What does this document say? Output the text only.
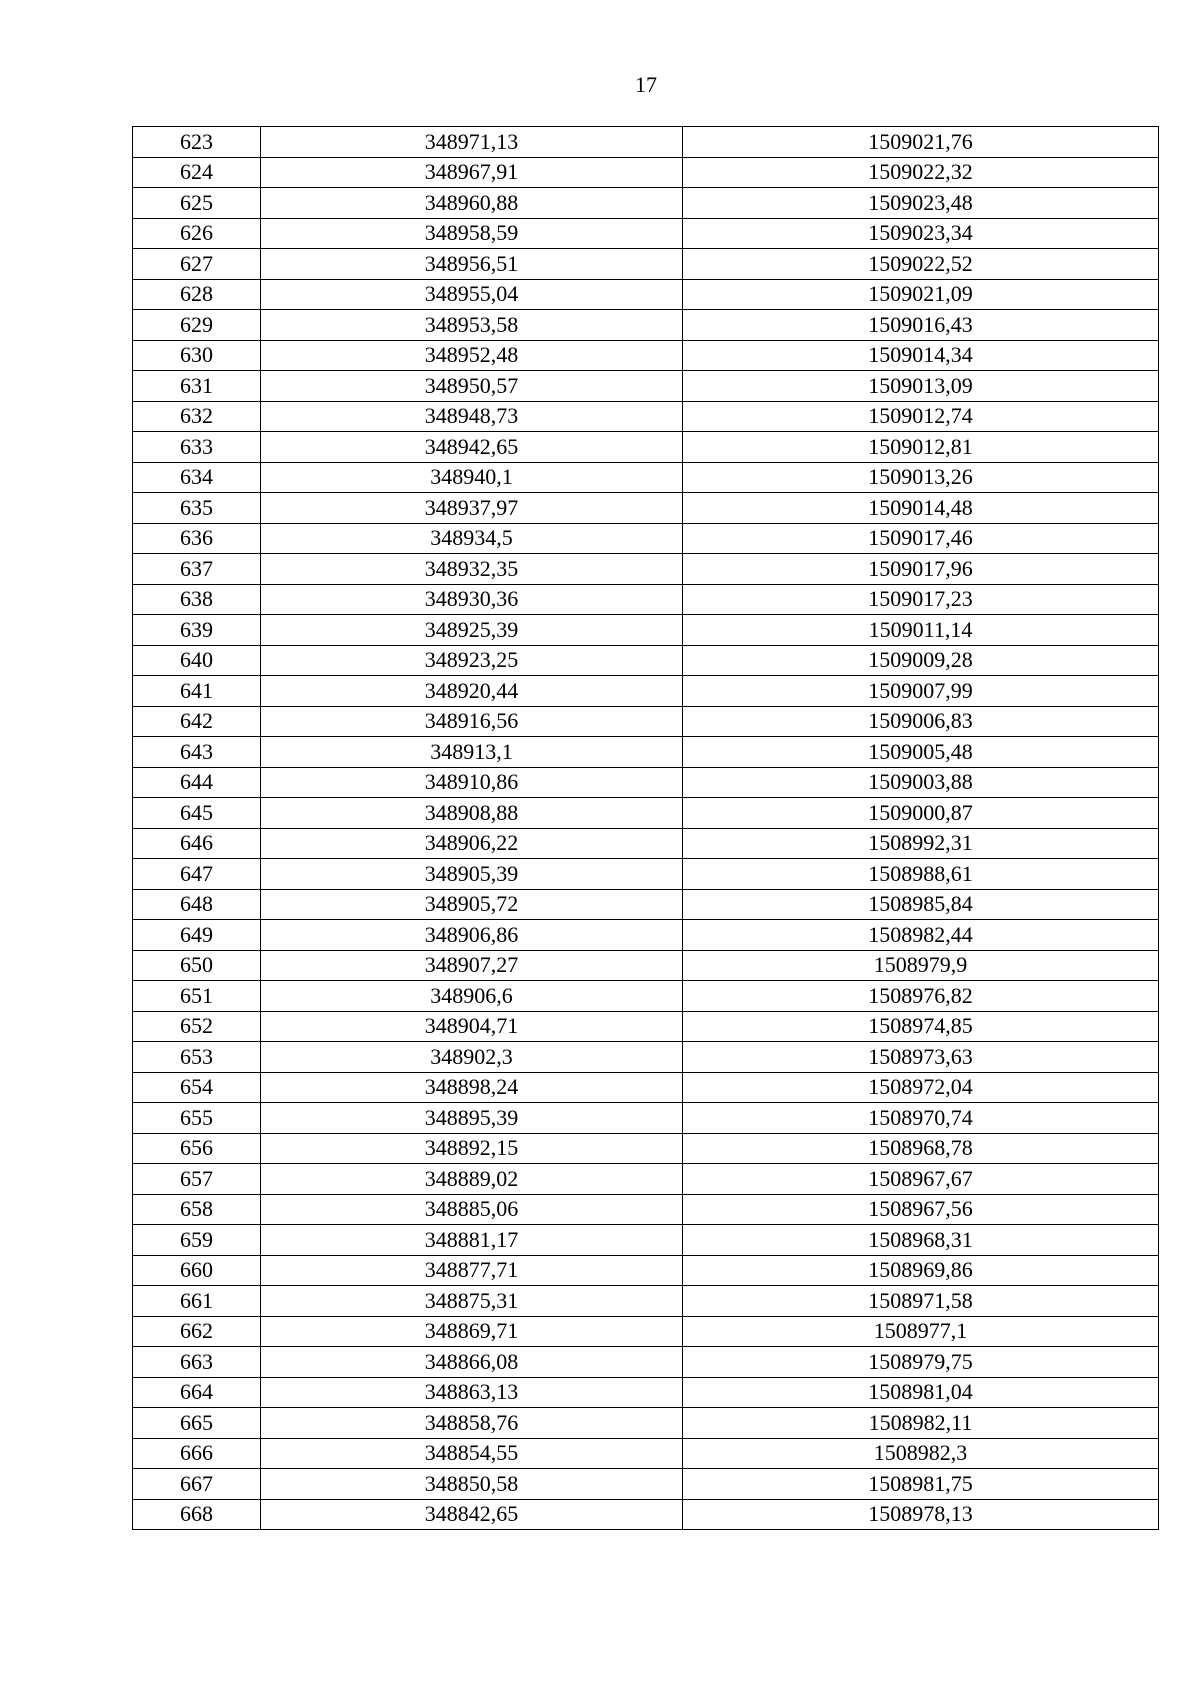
17
623	348971,13	1509021,76
624	348967,91	1509022,32
625	348960,88	1509023,48
626	348958,59	1509023,34
627	348956,51	1509022,52
628	348955,04	1509021,09
629	348953,58	1509016,43
630	348952,48	1509014,34
631	348950,57	1509013,09
632	348948,73	1509012,74
633	348942,65	1509012,81
634	348940,1	1509013,26
635	348937,97	1509014,48
636	348934,5	1509017,46
637	348932,35	1509017,96
638	348930,36	1509017,23
639	348925,39	1509011,14
640	348923,25	1509009,28
641	348920,44	1509007,99
642	348916,56	1509006,83
643	348913,1	1509005,48
644	348910,86	1509003,88
645	348908,88	1509000,87
646	348906,22	1508992,31
647	348905,39	1508988,61
648	348905,72	1508985,84
649	348906,86	1508982,44
650	348907,27	1508979,9
651	348906,6	1508976,82
652	348904,71	1508974,85
653	348902,3	1508973,63
654	348898,24	1508972,04
655	348895,39	1508970,74
656	348892,15	1508968,78
657	348889,02	1508967,67
658	348885,06	1508967,56
659	348881,17	1508968,31
660	348877,71	1508969,86
661	348875,31	1508971,58
662	348869,71	1508977,1
663	348866,08	1508979,75
664	348863,13	1508981,04
665	348858,76	1508982,11
666	348854,55	1508982,3
667	348850,58	1508981,75
668	348842,65	1508978,13
